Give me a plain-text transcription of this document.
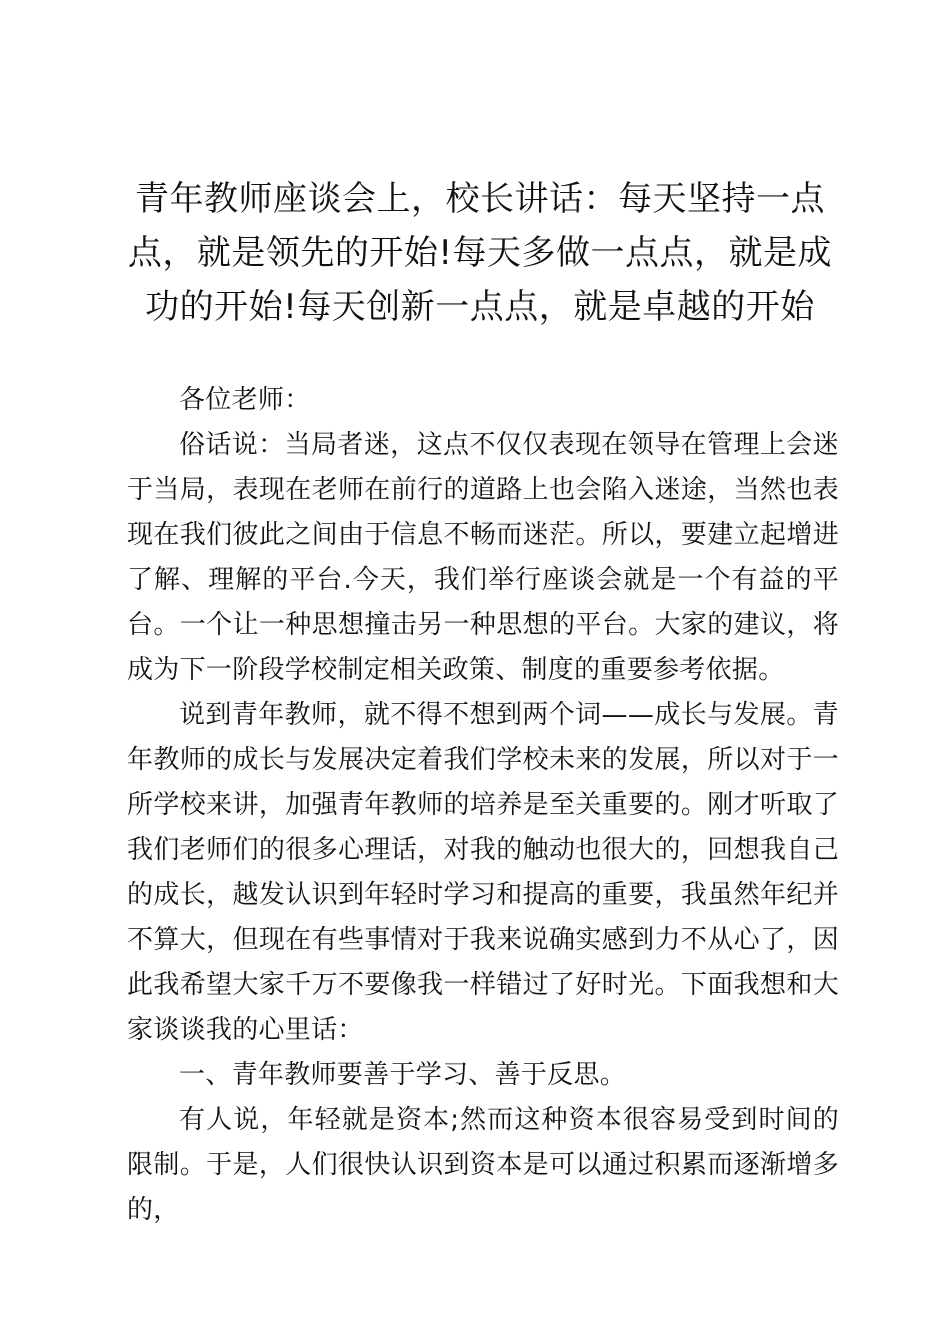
青年教师座谈会上，校长讲话：每天坚持一点点，就是领先的开始!每天多做一点点，就是成功的开始!每天创新一点点，就是卓越的开始

各位老师：

俗话说：当局者迷，这点不仅仅表现在领导在管理上会迷于当局，表现在老师在前行的道路上也会陷入迷途，当然也表现在我们彼此之间由于信息不畅而迷茫。所以，要建立起增进了解、理解的平台.今天，我们举行座谈会就是一个有益的平台。一个让一种思想撞击另一种思想的平台。大家的建议，将成为下一阶段学校制定相关政策、制度的重要参考依据。

说到青年教师，就不得不想到两个词——成长与发展。青年教师的成长与发展决定着我们学校未来的发展，所以对于一所学校来讲，加强青年教师的培养是至关重要的。刚才听取了我们老师们的很多心理话，对我的触动也很大的，回想我自己的成长，越发认识到年轻时学习和提高的重要，我虽然年纪并不算大，但现在有些事情对于我来说确实感到力不从心了，因此我希望大家千万不要像我一样错过了好时光。下面我想和大家谈谈我的心里话：

一、青年教师要善于学习、善于反思。

有人说，年轻就是资本;然而这种资本很容易受到时间的限制。于是，人们很快认识到资本是可以通过积累而逐渐增多的，
